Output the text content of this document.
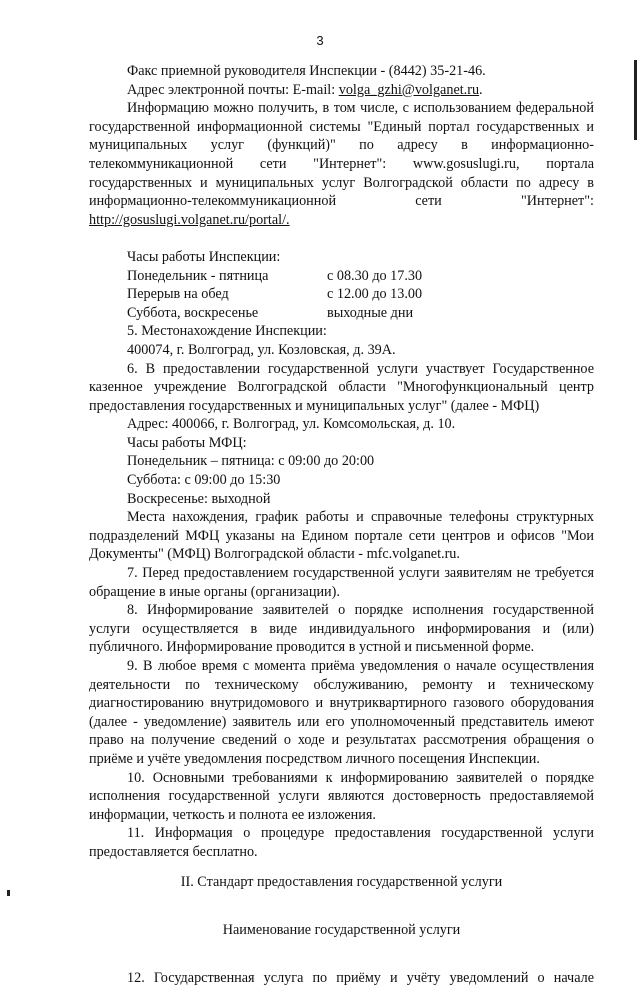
3
Факс приемной руководителя Инспекции - (8442) 35-21-46.
Адрес электронной почты: E-mail: volga_gzhi@volganet.ru.
Информацию можно получить, в том числе, с использованием федеральной
государственной информационной системы "Единый портал государственных и
муниципальных услуг (функций)" по адресу в информационно-
телекоммуникационной сети "Интернет": www.gosuslugi.ru, портала
государственных и муниципальных услуг Волгоградской области по адресу в
информационно-телекоммуникационной сети "Интернет":
http://gosuslugi.volganet.ru/portal/.
Часы работы Инспекции:
Понедельник - пятница	с 08.30 до 17.30
Перерыв на обед	с 12.00 до 13.00
Суббота, воскресенье	выходные дни
5. Местонахождение Инспекции:
400074, г. Волгоград, ул. Козловская, д. 39А.
6. В предоставлении государственной услуги участвует Государственное
казенное учреждение Волгоградской области "Многофункциональный центр
предоставления государственных и муниципальных услуг" (далее - МФЦ)
Адрес: 400066, г. Волгоград, ул. Комсомольская, д. 10.
Часы работы МФЦ:
Понедельник – пятница: с 09:00 до 20:00
Суббота: с 09:00 до 15:30
Воскресенье: выходной
Места нахождения, график работы и справочные телефоны структурных
подразделений МФЦ указаны на Едином портале сети центров и офисов "Мои
Документы" (МФЦ) Волгоградской области - mfc.volganet.ru.
7. Перед предоставлением государственной услуги заявителям не требуется
обращение в иные органы (организации).
8. Информирование заявителей о порядке исполнения государственной
услуги осуществляется в виде индивидуального информирования и (или)
публичного. Информирование проводится в устной и письменной форме.
9. В любое время с момента приёма уведомления о начале осуществления
деятельности по техническому обслуживанию, ремонту и техническому
диагностированию внутридомового и внутриквартирного газового оборудования
(далее - уведомление) заявитель или его уполномоченный представитель имеют
право на получение сведений о ходе и результатах рассмотрения обращения о
приёме и учёте уведомления посредством личного посещения Инспекции.
10. Основными требованиями к информированию заявителей о порядке
исполнения государственной услуги являются достоверность предоставляемой
информации, четкость и полнота ее изложения.
11. Информация о процедуре предоставления государственной услуги
предоставляется бесплатно.
II. Стандарт предоставления государственной услуги
Наименование государственной услуги
12. Государственная услуга по приёму и учёту уведомлений о начале
